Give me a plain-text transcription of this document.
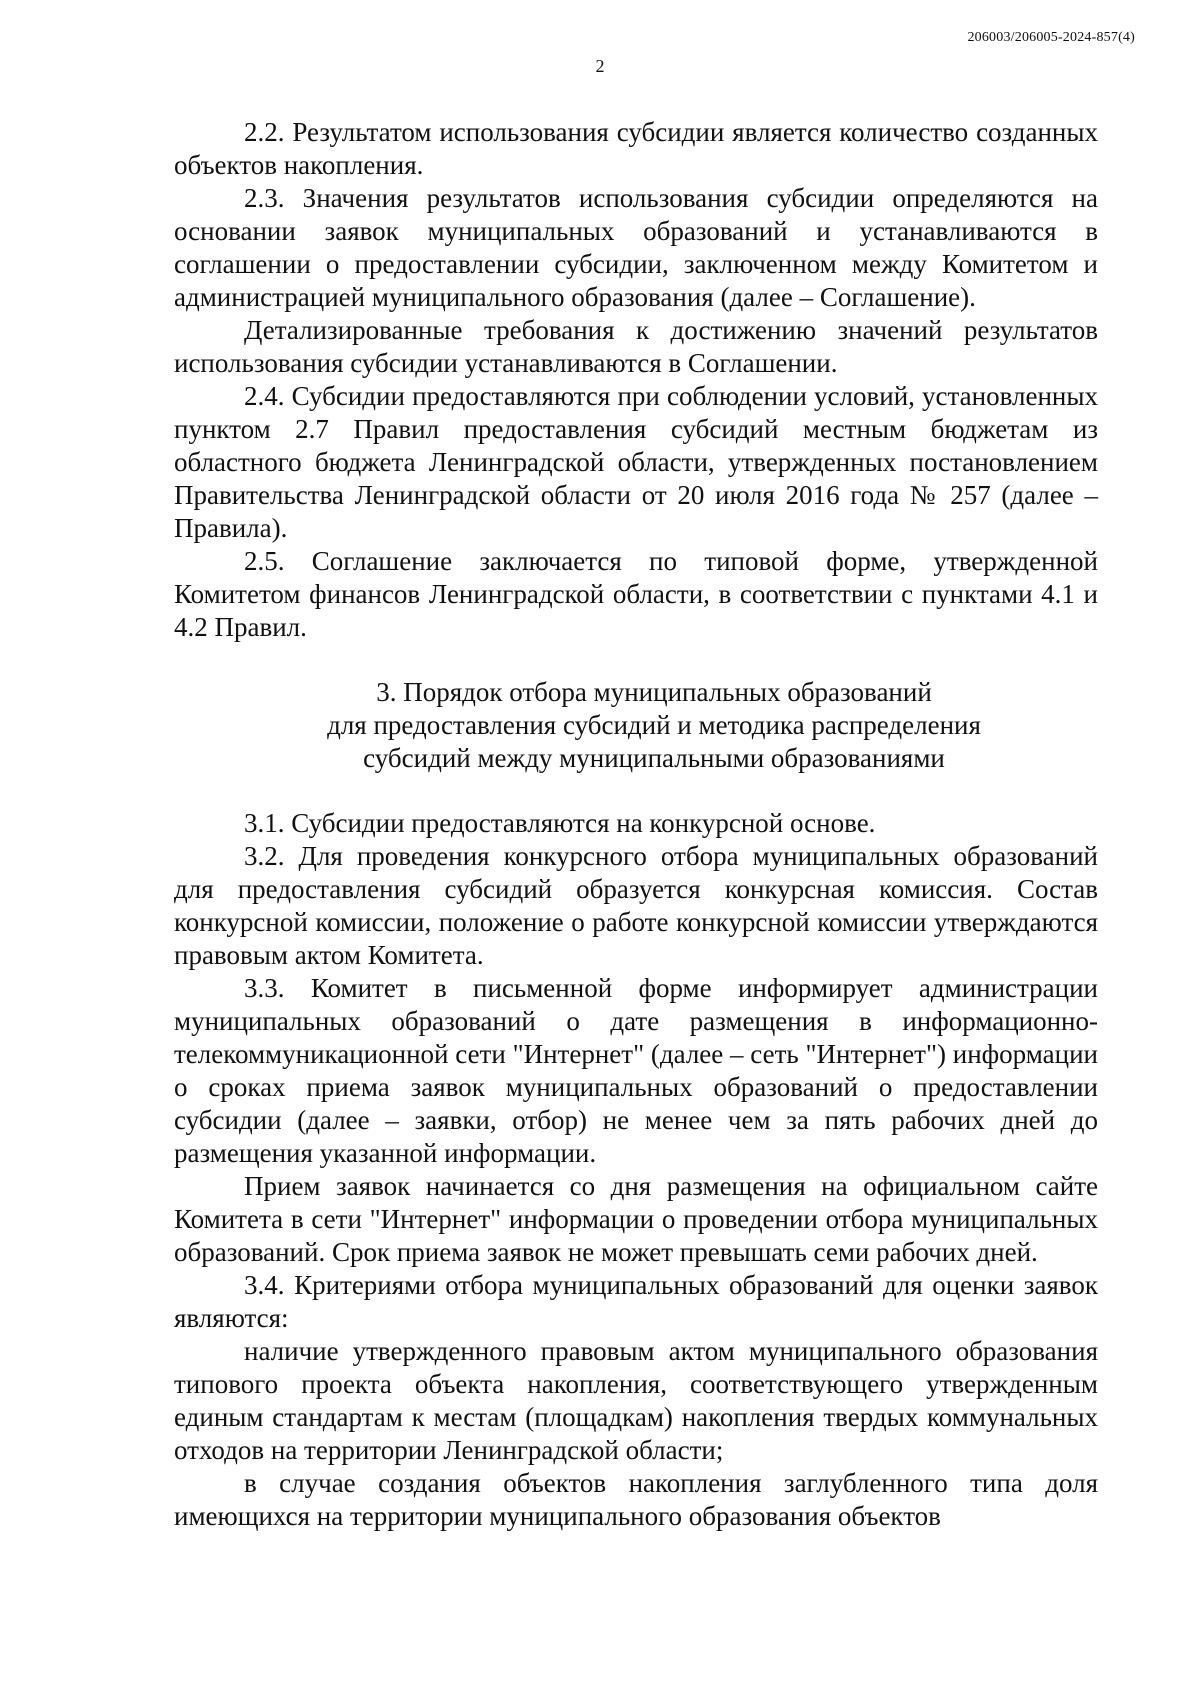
206003/206005-2024-857(4)
2

2.2. Результатом использования субсидии является количество созданных объектов накопления.

2.3. Значения результатов использования субсидии определяются на основании заявок муниципальных образований и устанавливаются в соглашении о предоставлении субсидии, заключенном между Комитетом и администрацией муниципального образования (далее – Соглашение).

Детализированные требования к достижению значений результатов использования субсидии устанавливаются в Соглашении.

2.4. Субсидии предоставляются при соблюдении условий, установленных пунктом 2.7 Правил предоставления субсидий местным бюджетам из областного бюджета Ленинградской области, утвержденных постановлением Правительства Ленинградской области от 20 июля 2016 года № 257 (далее – Правила).

2.5. Соглашение заключается по типовой форме, утвержденной Комитетом финансов Ленинградской области, в соответствии с пунктами 4.1 и 4.2 Правил.

3. Порядок отбора муниципальных образований
для предоставления субсидий и методика распределения
субсидий между муниципальными образованиями

3.1. Субсидии предоставляются на конкурсной основе.

3.2. Для проведения конкурсного отбора муниципальных образований для предоставления субсидий образуется конкурсная комиссия. Состав конкурсной комиссии, положение о работе конкурсной комиссии утверждаются правовым актом Комитета.

3.3. Комитет в письменной форме информирует администрации муниципальных образований о дате размещения в информационно-телекоммуникационной сети "Интернет" (далее – сеть "Интернет") информации о сроках приема заявок муниципальных образований о предоставлении субсидии (далее – заявки, отбор) не менее чем за пять рабочих дней до размещения указанной информации.

Прием заявок начинается со дня размещения на официальном сайте Комитета в сети "Интернет" информации о проведении отбора муниципальных образований. Срок приема заявок не может превышать семи рабочих дней.

3.4. Критериями отбора муниципальных образований для оценки заявок являются:

наличие утвержденного правовым актом муниципального образования типового проекта объекта накопления, соответствующего утвержденным единым стандартам к местам (площадкам) накопления твердых коммунальных отходов на территории Ленинградской области;

в случае создания объектов накопления заглубленного типа доля имеющихся на территории муниципального образования объектов
